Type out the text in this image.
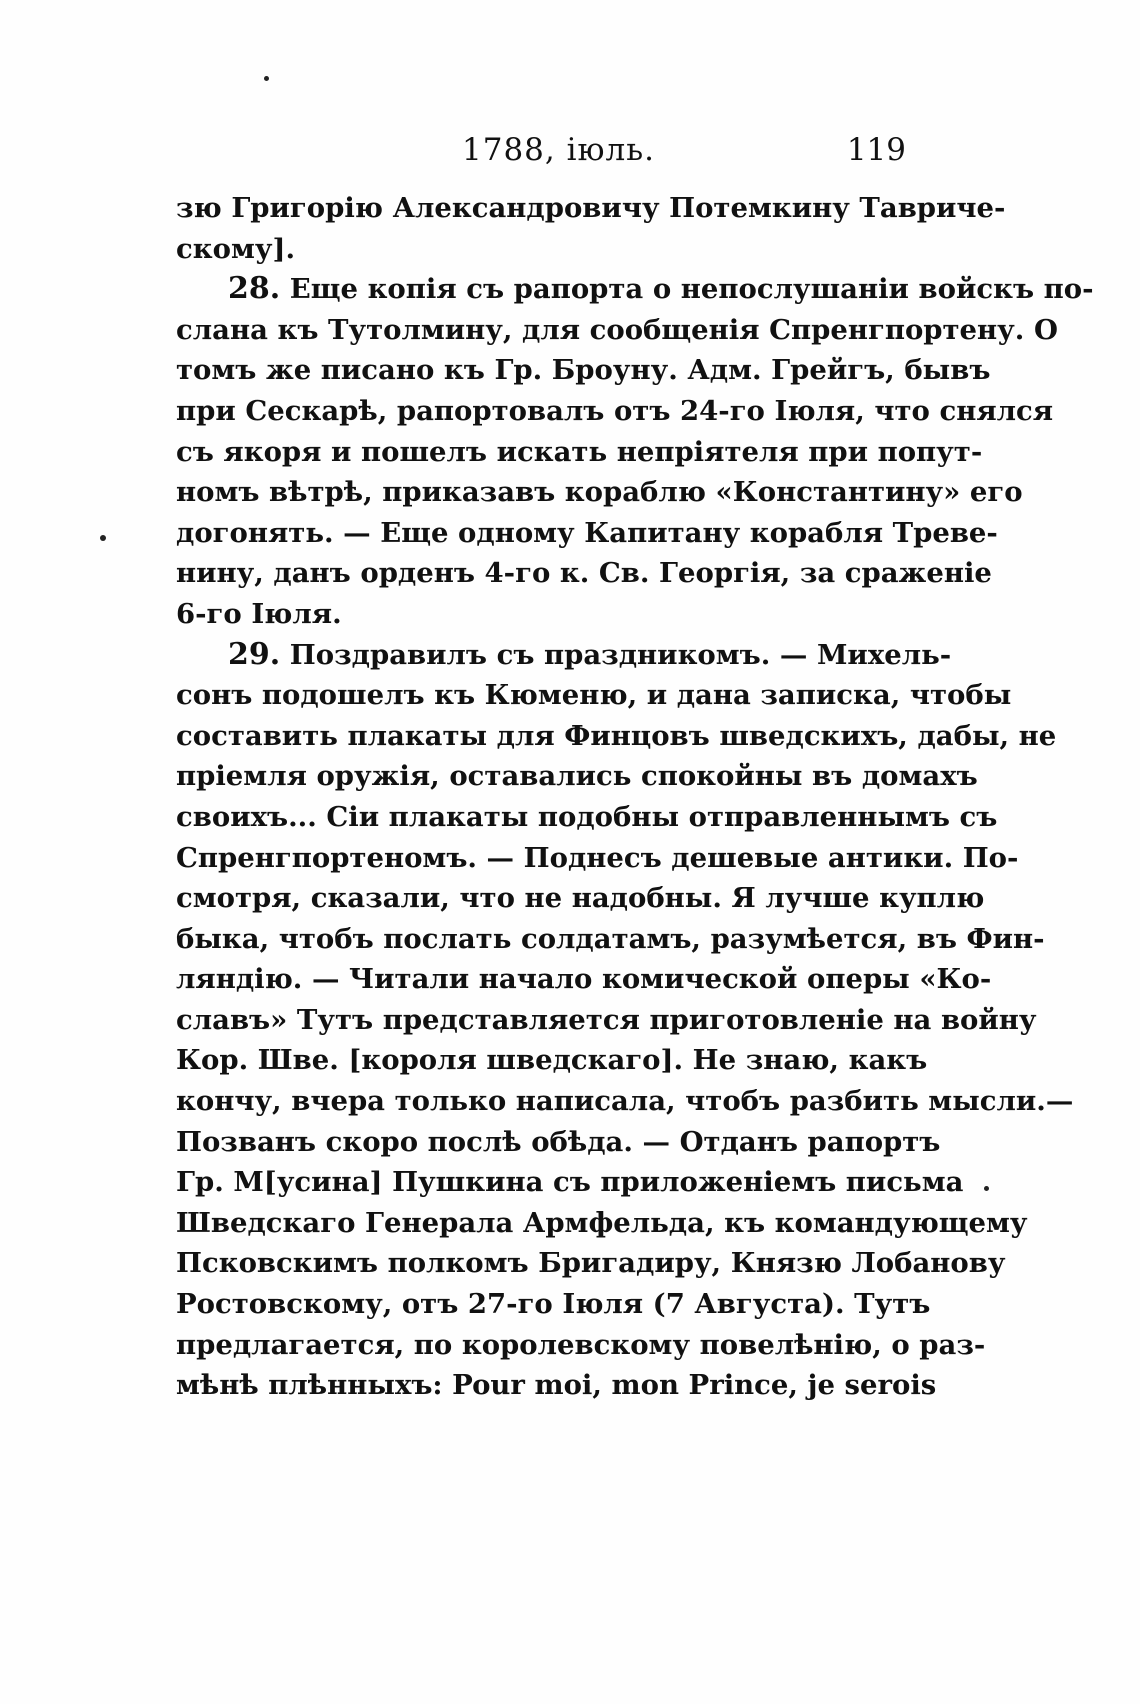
1788, іюль.	119
зю Григорію Александровичу Потемкину Тавриче-
скому].
28. Еще копія съ рапорта о непослушаніи войскъ по-
слана къ Тутолмину, для сообщенія Спренгпортену. О
томъ же писано къ Гр. Броуну. Адм. Грейгъ, бывъ
при Сескарѣ, рапортовалъ отъ 24-го Іюля, что снялся
съ якоря и пошелъ искать непріятеля при попут-
номъ вѣтрѣ, приказавъ кораблю «Константину» его
догонять. — Еще одному Капитану корабля Треве-
нину, данъ орденъ 4-го к. Св. Георгія, за сраженіе
6-го Іюля.
29. Поздравилъ съ праздникомъ. — Михель-
сонъ подошелъ къ Кюменю, и дана записка, чтобы
составить плакаты для Финцовъ шведскихъ, дабы, не
пріемля оружія, оставались спокойны въ домахъ
своихъ... Сіи плакаты подобны отправленнымъ съ
Спренгпортеномъ. — Поднесъ дешевые антики. По-
смотря, сказали, что не надобны. Я лучше куплю
быка, чтобъ послать солдатамъ, разумѣется, въ Фин-
ляндію. — Читали начало комической оперы «Ко-
славъ» Тутъ представляется приготовленіе на войну
Кор. Шве. [короля шведскаго]. Не знаю, какъ
кончу, вчера только написала, чтобъ разбить мысли.—
Позванъ скоро послѣ обѣда. — Отданъ рапортъ
Гр. М[усина] Пушкина съ приложеніемъ письма
Шведскаго Генерала Армфельда, къ командующему
Псковскимъ полкомъ Бригадиру, Князю Лобанову
Ростовскому, отъ 27-го Іюля (7 Августа). Тутъ
предлагается, по королевскому повелѣнію, о раз-
мѣнѣ плѣнныхъ: Pour moi, mon Prince, je serois
